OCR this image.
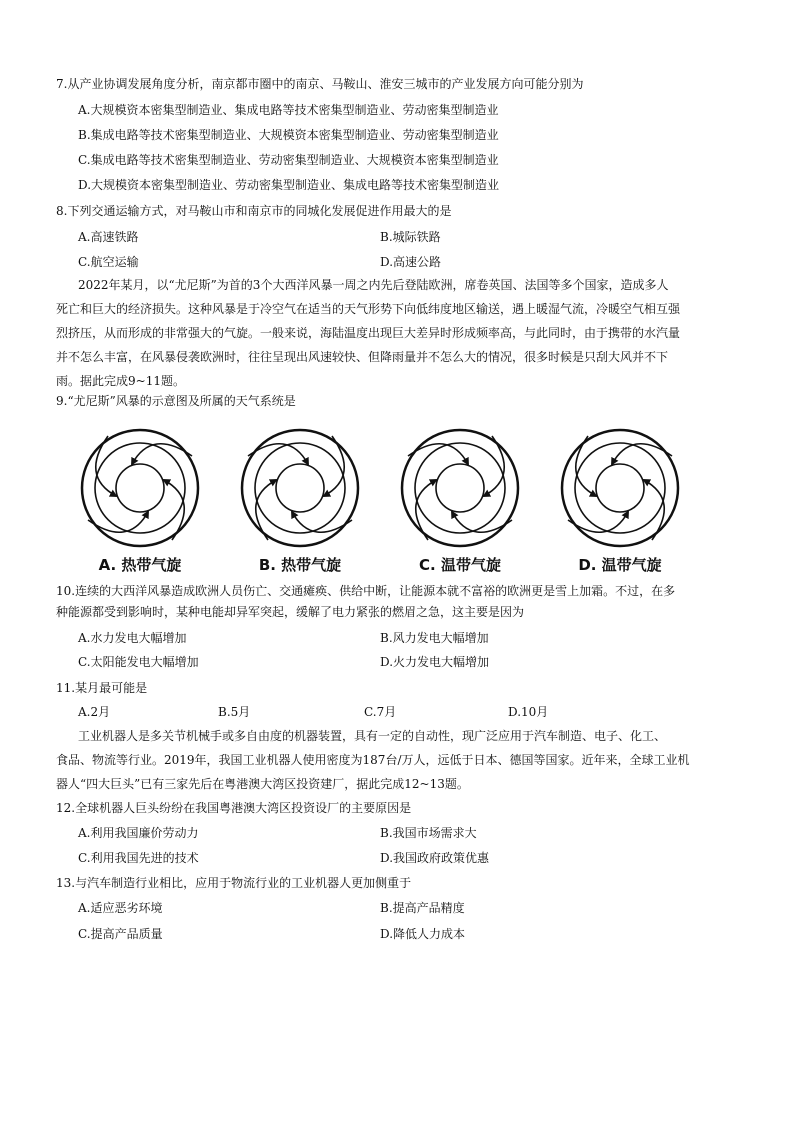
7.从产业协调发展角度分析，南京都市圈中的南京、马鞍山、淮安三城市的产业发展方向可能分别为
A.大规模资本密集型制造业、集成电路等技术密集型制造业、劳动密集型制造业
B.集成电路等技术密集型制造业、大规模资本密集型制造业、劳动密集型制造业
C.集成电路等技术密集型制造业、劳动密集型制造业、大规模资本密集型制造业
D.大规模资本密集型制造业、劳动密集型制造业、集成电路等技术密集型制造业
8.下列交通运输方式，对马鞍山市和南京市的同城化发展促进作用最大的是
A.高速铁路	B.城际铁路
C.航空运输	D.高速公路
2022年某月，以“尤尼斯”为首的3个大西洋风暴一周之内先后登陆欧洲，席卷英国、法国等多个国家，造成多人
死亡和巨大的经济损失。这种风暴是于冷空气在适当的天气形势下向低纬度地区输送，遇上暖湿气流，冷暖空气相互强
烈挤压，从而形成的非常强大的气旋。一般来说，海陆温度出现巨大差异时形成频率高，与此同时，由于携带的水汽量
并不怎么丰富，在风暴侵袭欧洲时，往往呈现出风速较快、但降雨量并不怎么大的情况，很多时候是只刮大风并不下
雨。据此完成9~11题。
9.“尤尼斯”风暴的示意图及所属的天气系统是
A. 热带气旋	B. 热带气旋	C. 温带气旋	D. 温带气旋
10.连续的大西洋风暴造成欧洲人员伤亡、交通瘫痪、供给中断，让能源本就不富裕的欧洲更是雪上加霜。不过，在多
种能源都受到影响时，某种电能却异军突起，缓解了电力紧张的燃眉之急，这主要是因为
A.水力发电大幅增加	B.风力发电大幅增加
C.太阳能发电大幅增加	D.火力发电大幅增加
11.某月最可能是
A.2月	B.5月	C.7月	D.10月
工业机器人是多关节机械手或多自由度的机器装置，具有一定的自动性，现广泛应用于汽车制造、电子、化工、
食品、物流等行业。2019年，我国工业机器人使用密度为187台/万人，远低于日本、德国等国家。近年来，全球工业机
器人“四大巨头”已有三家先后在粤港澳大湾区投资建厂，据此完成12~13题。
12.全球机器人巨头纷纷在我国粤港澳大湾区投资设厂的主要原因是
A.利用我国廉价劳动力	B.我国市场需求大
C.利用我国先进的技术	D.我国政府政策优惠
13.与汽车制造行业相比，应用于物流行业的工业机器人更加侧重于
A.适应恶劣环境	B.提高产品精度
C.提高产品质量	D.降低人力成本
